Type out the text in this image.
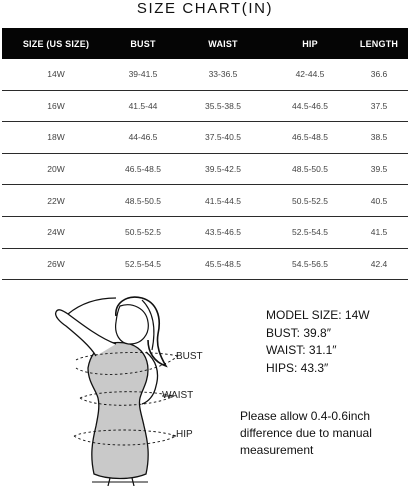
SIZE CHART(IN)
SIZE (US SIZE)	BUST	WAIST	HIP	LENGTH
14W	39-41.5	33-36.5	42-44.5	36.6
16W	41.5-44	35.5-38.5	44.5-46.5	37.5
18W	44-46.5	37.5-40.5	46.5-48.5	38.5
20W	46.5-48.5	39.5-42.5	48.5-50.5	39.5
22W	48.5-50.5	41.5-44.5	50.5-52.5	40.5
24W	50.5-52.5	43.5-46.5	52.5-54.5	41.5
26W	52.5-54.5	45.5-48.5	54.5-56.5	42.4
BUST
WAIST
HIP
MODEL SIZE: 14W
BUST: 39.8″
WAIST: 31.1″
HIPS: 43.3″
Please allow 0.4-0.6inch difference due to manual measurement
